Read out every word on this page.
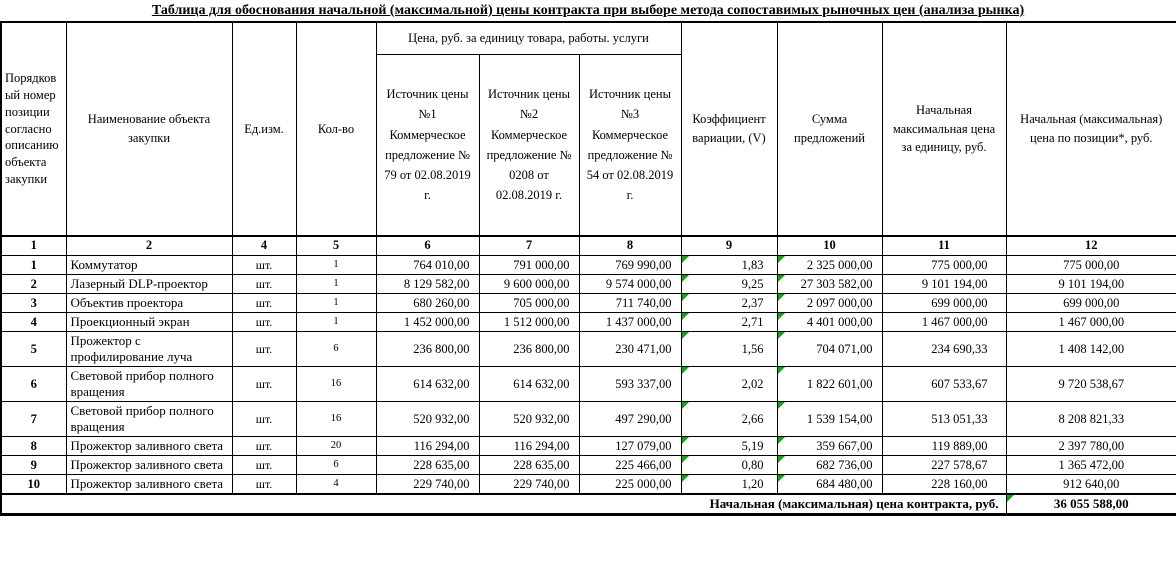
Таблица для обоснования начальной (максимальной) цены контракта при выборе метода сопоставимых рыночных цен (анализа рынка)
Порядковый номер позиции согласно описанию объекта закупки	Наименование объекта закупки	Ед.изм.	Кол-во	Цена, руб. за единицу товара, работы. услуги			Коэффициент вариации, (V)	Сумма предложений	Начальная максимальная цена за единицу, руб.	Начальная (максимальная) цена по позиции*, руб.
				Источник цены №1 Коммерческое предложение № 79 от 02.08.2019 г.	Источник цены №2 Коммерческое предложение № 0208 от 02.08.2019 г.	Источник цены №3 Коммерческое предложение № 54 от 02.08.2019 г.				
1	2	4	5	6	7	8	9	10	11	12
1	Коммутатор	шт.	1	764 010,00	791 000,00	769 990,00	1,83	2 325 000,00	775 000,00	775 000,00
2	Лазерный DLP-проектор	шт.	1	8 129 582,00	9 600 000,00	9 574 000,00	9,25	27 303 582,00	9 101 194,00	9 101 194,00
3	Объектив проектора	шт.	1	680 260,00	705 000,00	711 740,00	2,37	2 097 000,00	699 000,00	699 000,00
4	Проекционный экран	шт.	1	1 452 000,00	1 512 000,00	1 437 000,00	2,71	4 401 000,00	1 467 000,00	1 467 000,00
5	Прожектор с профилирование луча	шт.	6	236 800,00	236 800,00	230 471,00	1,56	704 071,00	234 690,33	1 408 142,00
6	Световой прибор полного вращения	шт.	16	614 632,00	614 632,00	593 337,00	2,02	1 822 601,00	607 533,67	9 720 538,67
7	Световой прибор полного вращения	шт.	16	520 932,00	520 932,00	497 290,00	2,66	1 539 154,00	513 051,33	8 208 821,33
8	Прожектор заливного света	шт.	20	116 294,00	116 294,00	127 079,00	5,19	359 667,00	119 889,00	2 397 780,00
9	Прожектор заливного света	шт.	6	228 635,00	228 635,00	225 466,00	0,80	682 736,00	227 578,67	1 365 472,00
10	Прожектор заливного света	шт.	4	229 740,00	229 740,00	225 000,00	1,20	684 480,00	228 160,00	912 640,00
Начальная (максимальная) цена контракта, руб.										36 055 588,00
